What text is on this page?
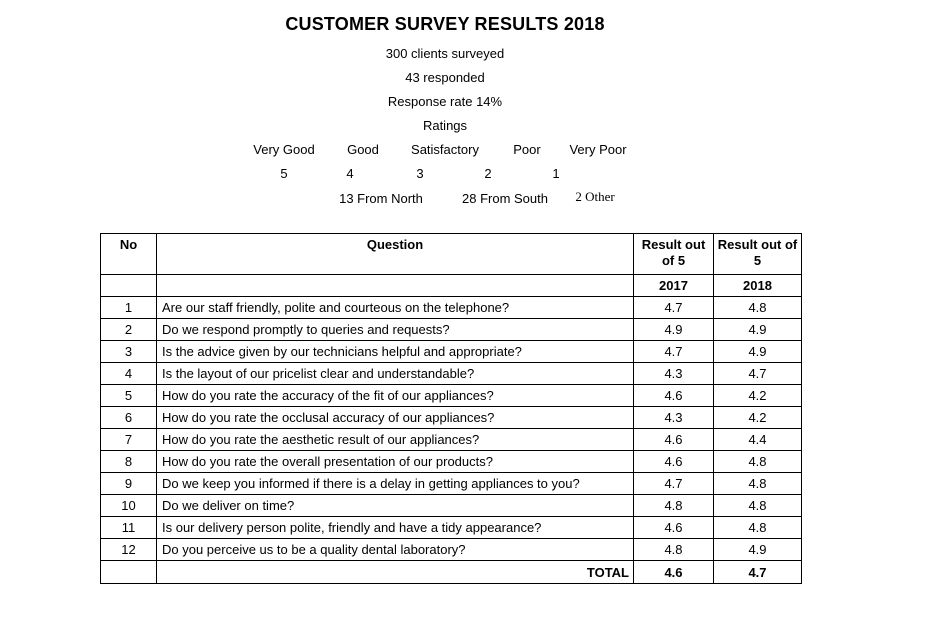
CUSTOMER SURVEY RESULTS 2018
300 clients surveyed
43 responded
Response rate 14%
Ratings
Very Good	Good	Satisfactory	Poor	Very Poor
5	4	3	2	1
13 From North	28 From South	2 Other
No	Question	Result out of 5	Result out of 5
		2017	2018
1	Are our staff friendly, polite and courteous on the telephone?	4.7	4.8
2	Do we respond promptly to queries and requests?	4.9	4.9
3	Is the advice given by our technicians helpful and appropriate?	4.7	4.9
4	Is the layout of our pricelist clear and understandable?	4.3	4.7
5	How do you rate the accuracy of the fit of our appliances?	4.6	4.2
6	How do you rate the occlusal accuracy of our appliances?	4.3	4.2
7	How do you rate the aesthetic result of our appliances?	4.6	4.4
8	How do you rate the overall presentation of our products?	4.6	4.8
9	Do we keep you informed if there is a delay in getting appliances to you?	4.7	4.8
10	Do we deliver on time?	4.8	4.8
11	Is our delivery person polite, friendly and have a tidy appearance?	4.6	4.8
12	Do you perceive us to be a quality dental laboratory?	4.8	4.9
	TOTAL	4.6	4.7
